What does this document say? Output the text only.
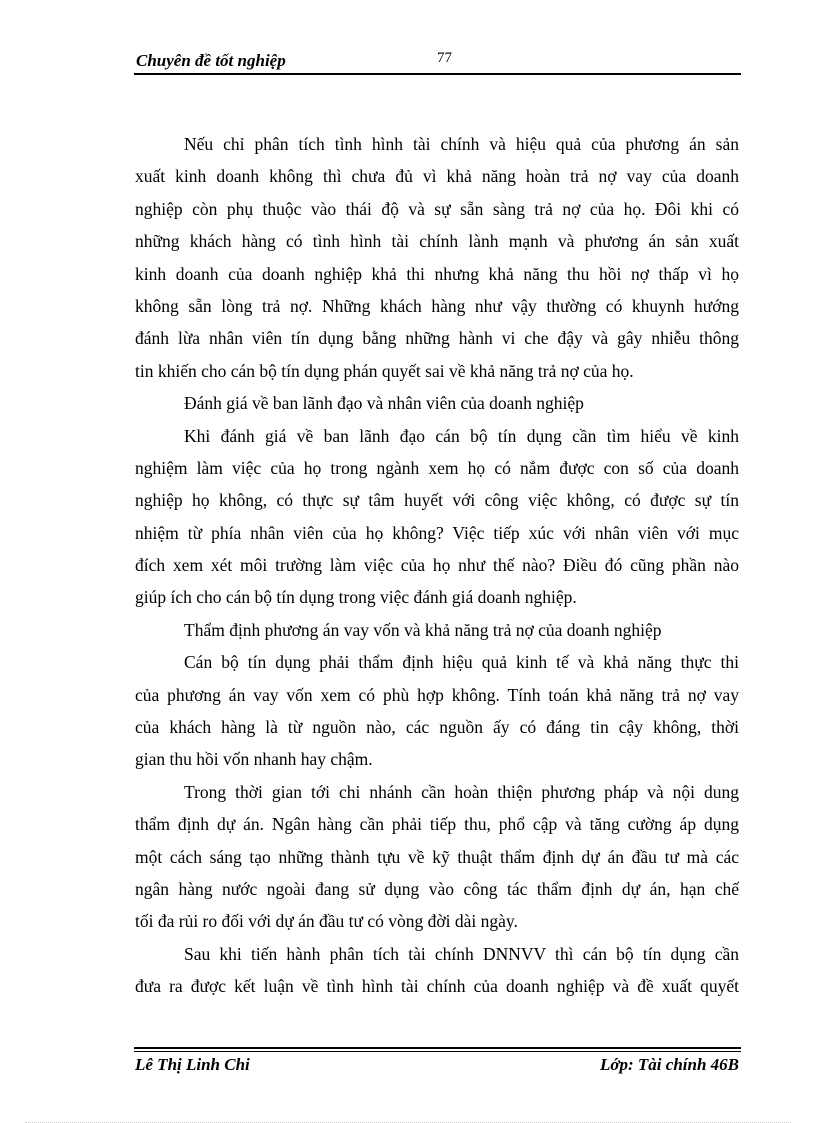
Chuyên đề tốt nghiệp	77
Nếu chỉ phân tích tình hình tài chính và hiệu quả của phương án sản
xuất kinh doanh không thì chưa đủ vì khả năng hoàn trả nợ vay của doanh
nghiệp còn phụ thuộc vào thái độ và sự sẵn sàng trả nợ của họ. Đôi khi có
những khách hàng có tình hình tài chính lành mạnh và phương án sản xuất
kinh doanh của doanh nghiệp khả thi nhưng khả năng thu hồi nợ thấp vì họ
không sẵn lòng trả nợ. Những khách hàng như vậy thường có khuynh hướng
đánh lừa nhân viên tín dụng bằng những hành vi che đậy và gây nhiễu thông
tin khiến cho cán bộ tín dụng phán quyết sai về khả năng trả nợ của họ.
Đánh giá về ban lãnh đạo và nhân viên của doanh nghiệp
Khi đánh giá về ban lãnh đạo cán bộ tín dụng cần tìm hiểu về kinh
nghiệm làm việc của họ trong ngành xem họ có nắm được con số của doanh
nghiệp họ không, có thực sự tâm huyết với công việc không, có được sự tín
nhiệm từ phía nhân viên của họ không? Việc tiếp xúc với nhân viên với mục
đích xem xét môi trường làm việc của họ như thế nào? Điều đó cũng phần nào
giúp ích cho cán bộ tín dụng trong việc đánh giá doanh nghiệp.
Thẩm định phương án vay vốn và khả năng trả nợ của doanh nghiệp
Cán bộ tín dụng phải thẩm định hiệu quả kinh tế và khả năng thực thi
của phương án vay vốn xem có phù hợp không. Tính toán khả năng trả nợ vay
của khách hàng là từ nguồn nào, các nguồn ấy có đáng tin cậy không, thời
gian thu hồi vốn nhanh hay chậm.
Trong thời gian tới chi nhánh cần hoàn thiện phương pháp và nội dung
thẩm định dự án. Ngân hàng cần phải tiếp thu, phổ cập và tăng cường áp dụng
một cách sáng tạo những thành tựu về kỹ thuật thẩm định dự án đầu tư mà các
ngân hàng nước ngoài đang sử dụng vào công tác thẩm định dự án, hạn chế
tối đa rủi ro đối với dự án đầu tư có vòng đời dài ngày.
Sau khi tiến hành phân tích tài chính DNNVV thì cán bộ tín dụng cần
đưa ra được kết luận về tình hình tài chính của doanh nghiệp và đề xuất quyết
Lê Thị Linh Chi	Lớp: Tài chính 46B
